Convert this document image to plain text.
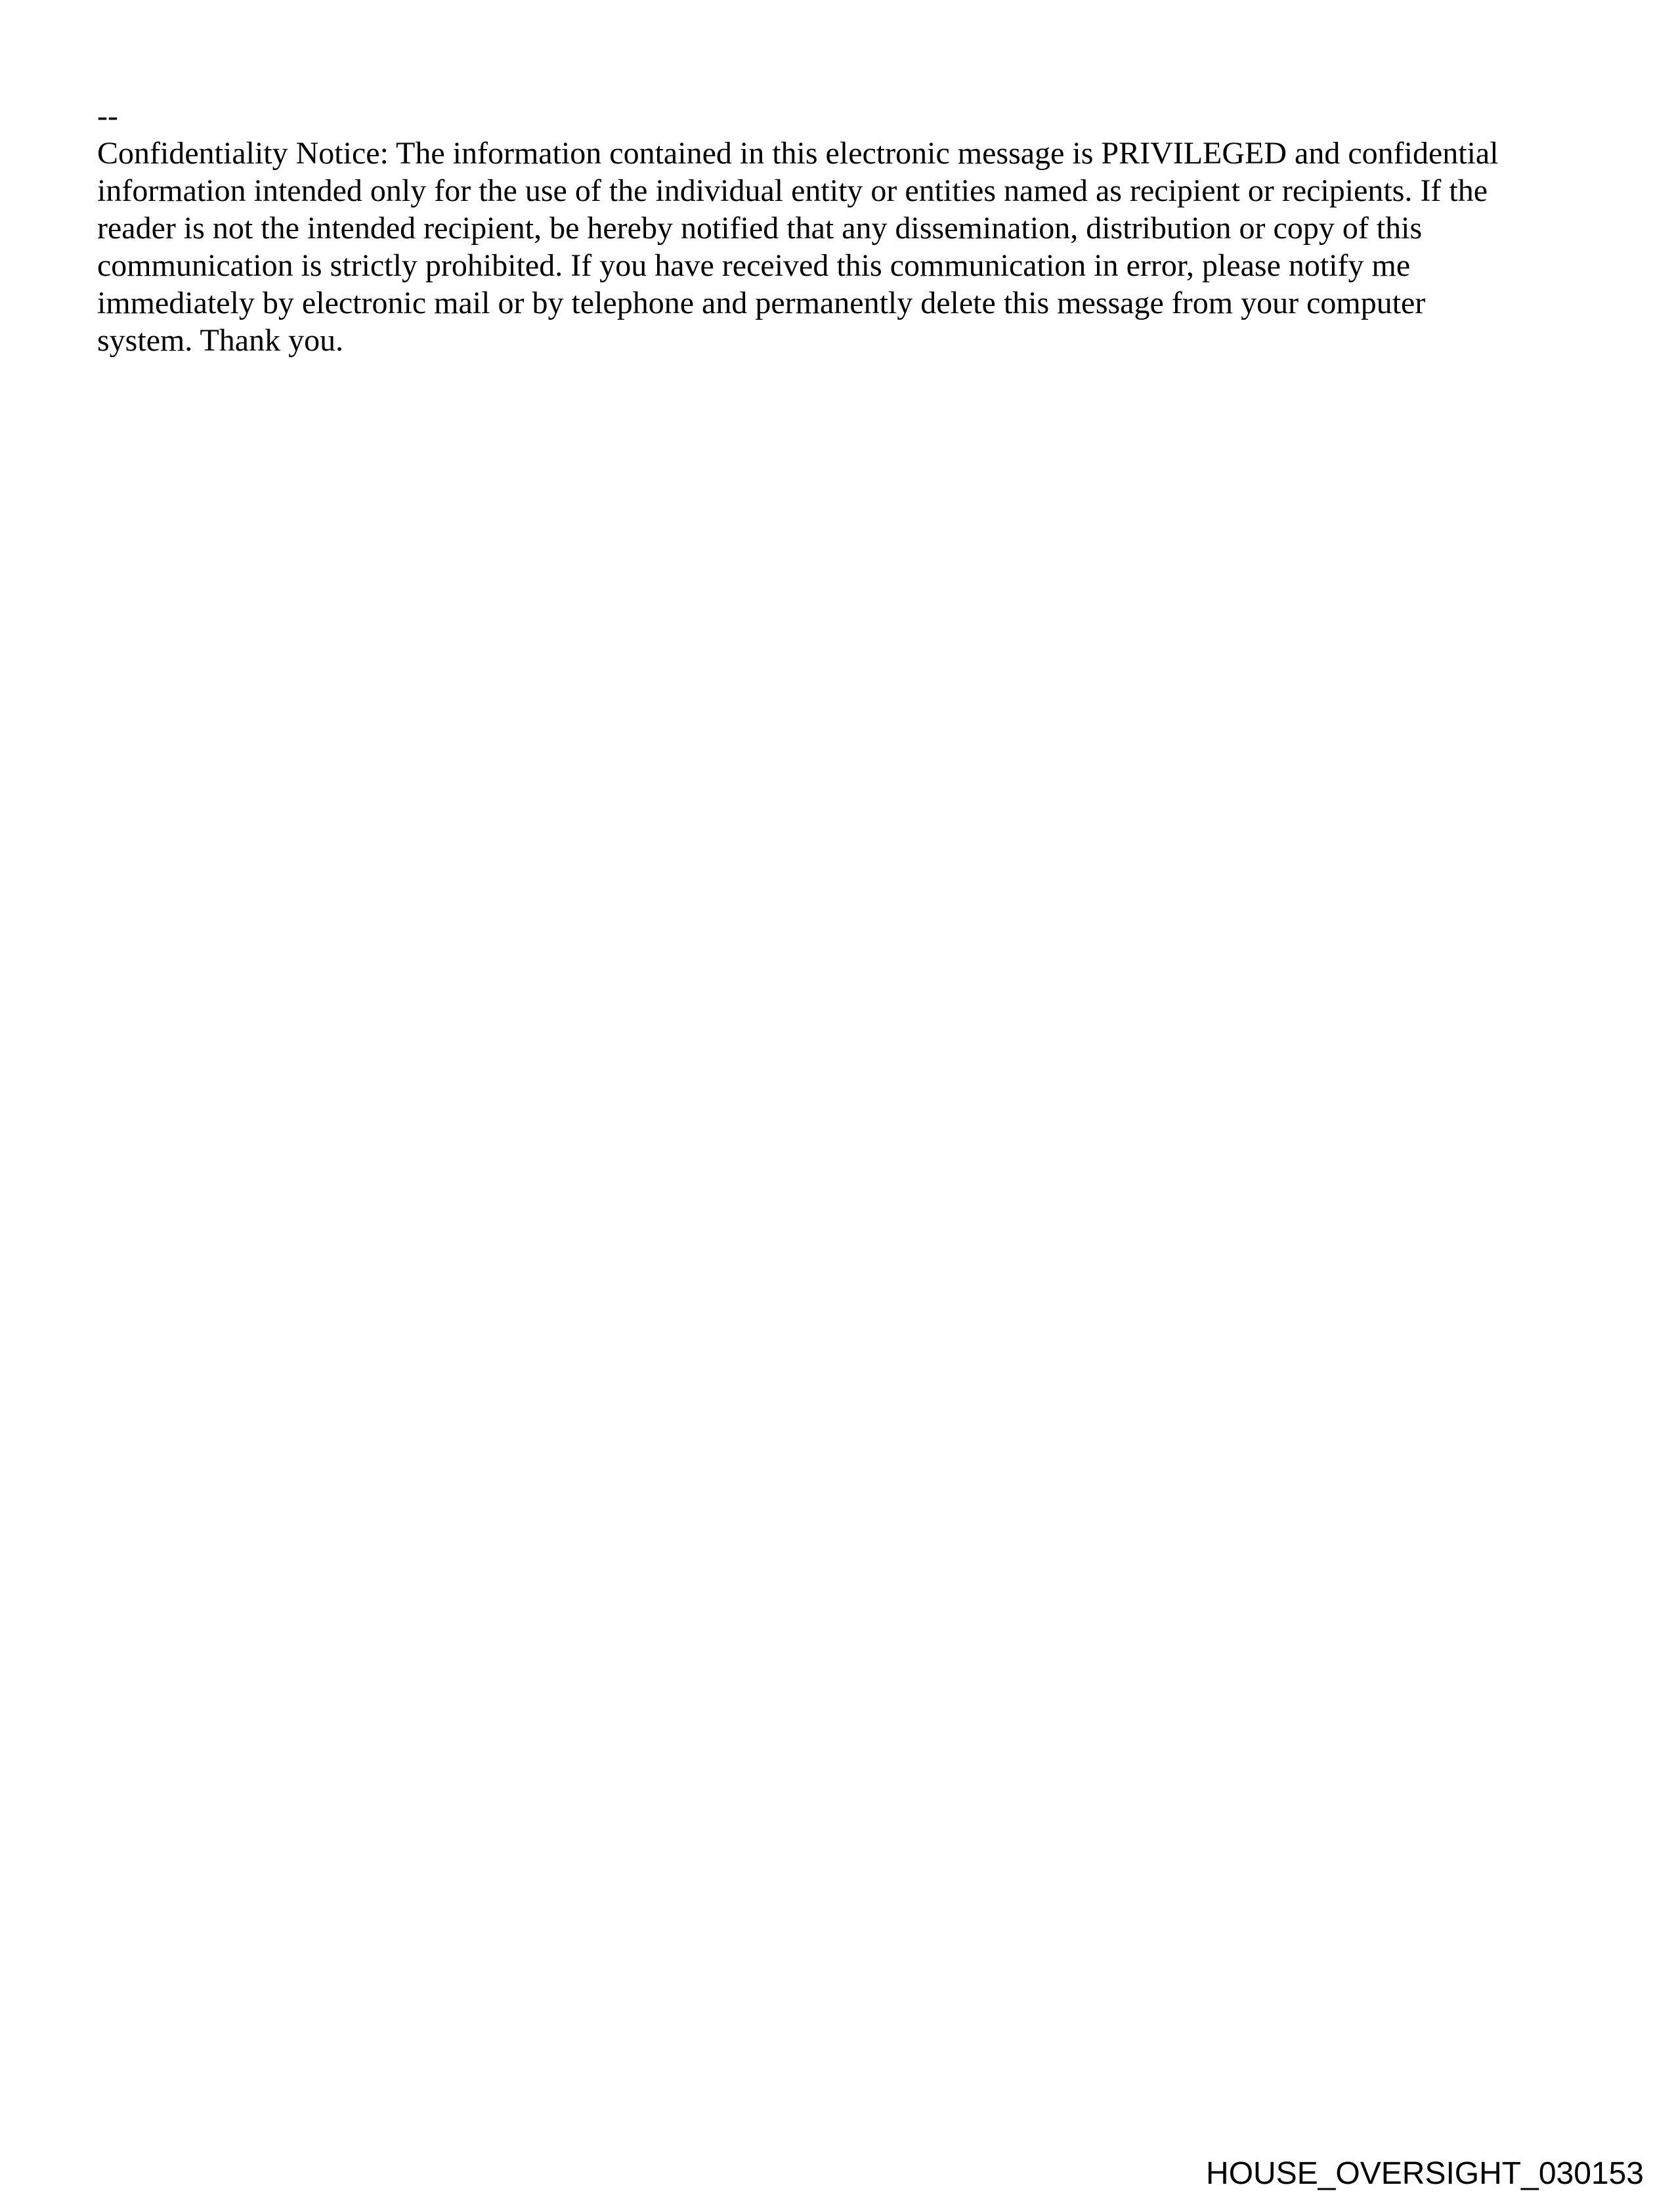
--
Confidentiality Notice: The information contained in this electronic message is PRIVILEGED and confidential
information intended only for the use of the individual entity or entities named as recipient or recipients. If the
reader is not the intended recipient, be hereby notified that any dissemination, distribution or copy of this
communication is strictly prohibited. If you have received this communication in error, please notify me
immediately by electronic mail or by telephone and permanently delete this message from your computer
system. Thank you.
HOUSE_OVERSIGHT_030153
